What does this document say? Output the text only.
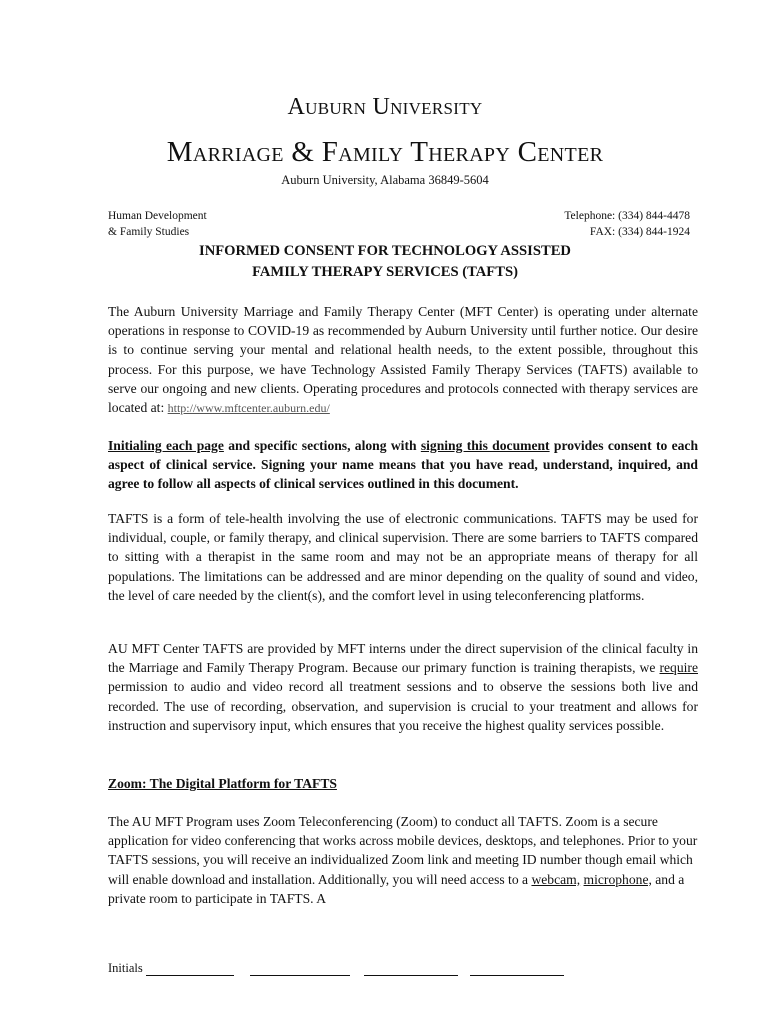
Auburn University
Marriage & Family Therapy Center
Auburn University, Alabama 36849-5604
Human Development
& Family Studies
Telephone: (334) 844-4478
FAX: (334) 844-1924
INFORMED CONSENT FOR TECHNOLOGY ASSISTED
FAMILY THERAPY SERVICES (TAFTS)
The Auburn University Marriage and Family Therapy Center (MFT Center) is operating under alternate operations in response to COVID-19 as recommended by Auburn University until further notice. Our desire is to continue serving your mental and relational health needs, to the extent possible, throughout this process. For this purpose, we have Technology Assisted Family Therapy Services (TAFTS) available to serve our ongoing and new clients. Operating procedures and protocols connected with therapy services are located at: http://www.mftcenter.auburn.edu/
Initialing each page and specific sections, along with signing this document provides consent to each aspect of clinical service. Signing your name means that you have read, understand, inquired, and agree to follow all aspects of clinical services outlined in this document.
TAFTS is a form of tele-health involving the use of electronic communications. TAFTS may be used for individual, couple, or family therapy, and clinical supervision. There are some barriers to TAFTS compared to sitting with a therapist in the same room and may not be an appropriate means of therapy for all populations. The limitations can be addressed and are minor depending on the quality of sound and video, the level of care needed by the client(s), and the comfort level in using teleconferencing platforms.
AU MFT Center TAFTS are provided by MFT interns under the direct supervision of the clinical faculty in the Marriage and Family Therapy Program. Because our primary function is training therapists, we require permission to audio and video record all treatment sessions and to observe the sessions both live and recorded. The use of recording, observation, and supervision is crucial to your treatment and allows for instruction and supervisory input, which ensures that you receive the highest quality services possible.
Zoom: The Digital Platform for TAFTS
The AU MFT Program uses Zoom Teleconferencing (Zoom) to conduct all TAFTS. Zoom is a secure application for video conferencing that works across mobile devices, desktops, and telephones. Prior to your TAFTS sessions, you will receive an individualized Zoom link and meeting ID number though email which will enable download and installation. Additionally, you will need access to a webcam, microphone, and a private room to participate in TAFTS. A
Initials
